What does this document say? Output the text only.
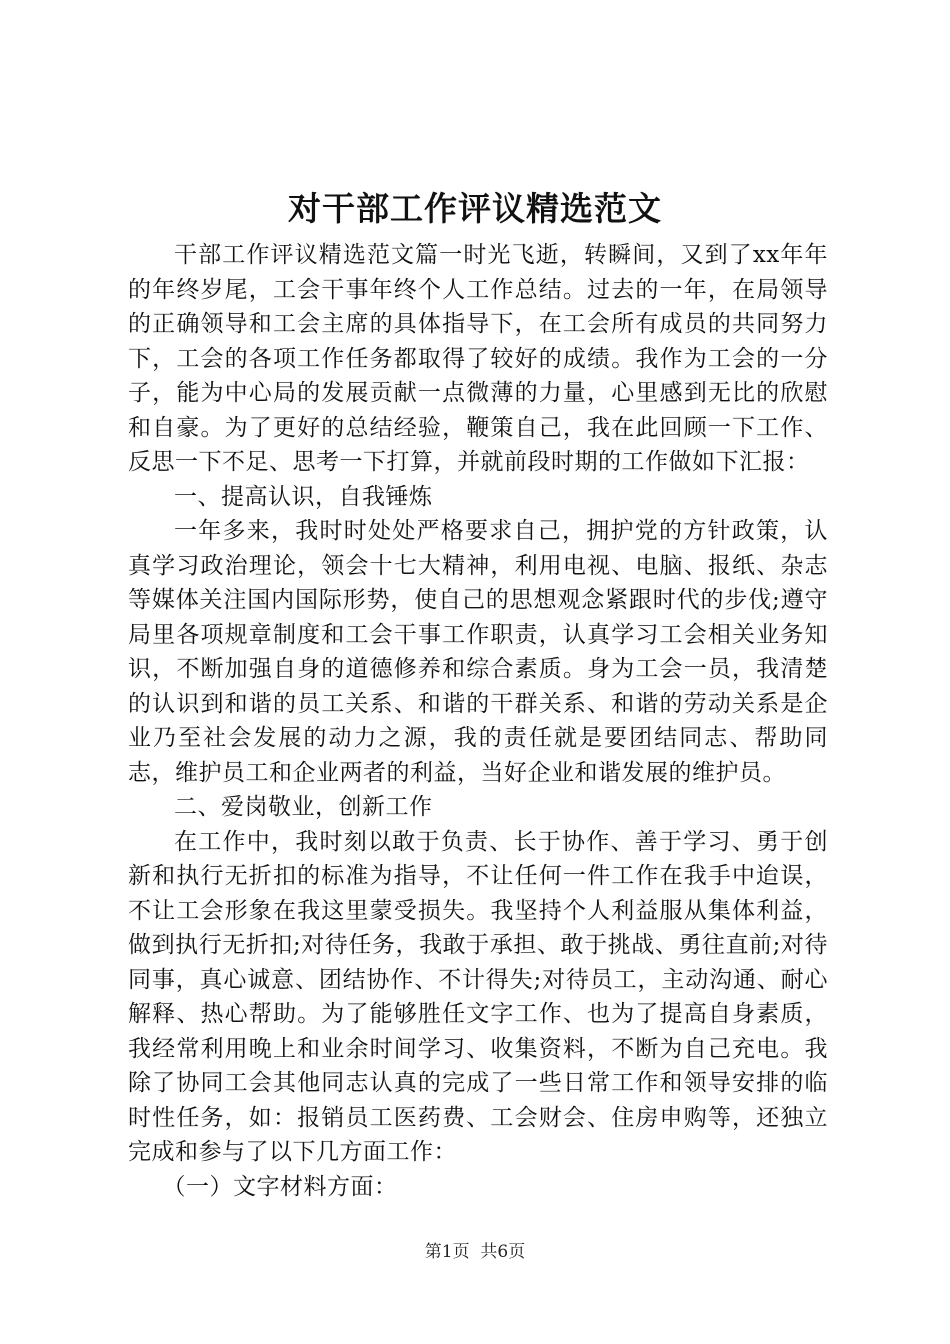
对干部工作评议精选范文

干部工作评议精选范文篇一时光飞逝，转瞬间，又到了xx年年的年终岁尾，工会干事年终个人工作总结。过去的一年，在局领导的正确领导和工会主席的具体指导下，在工会所有成员的共同努力下，工会的各项工作任务都取得了较好的成绩。我作为工会的一分子，能为中心局的发展贡献一点微薄的力量，心里感到无比的欣慰和自豪。为了更好的总结经验，鞭策自己，我在此回顾一下工作、反思一下不足、思考一下打算，并就前段时期的工作做如下汇报：

一、提高认识，自我锤炼

一年多来，我时时处处严格要求自己，拥护党的方针政策，认真学习政治理论，领会十七大精神，利用电视、电脑、报纸、杂志等媒体关注国内国际形势，使自己的思想观念紧跟时代的步伐;遵守局里各项规章制度和工会干事工作职责，认真学习工会相关业务知识，不断加强自身的道德修养和综合素质。身为工会一员，我清楚的认识到和谐的员工关系、和谐的干群关系、和谐的劳动关系是企业乃至社会发展的动力之源，我的责任就是要团结同志、帮助同志，维护员工和企业两者的利益，当好企业和谐发展的维护员。

二、爱岗敬业，创新工作

在工作中，我时刻以敢于负责、长于协作、善于学习、勇于创新和执行无折扣的标准为指导，不让任何一件工作在我手中迨误，不让工会形象在我这里蒙受损失。我坚持个人利益服从集体利益，做到执行无折扣;对待任务，我敢于承担、敢于挑战、勇往直前;对待同事，真心诚意、团结协作、不计得失;对待员工，主动沟通、耐心解释、热心帮助。为了能够胜任文字工作、也为了提高自身素质，我经常利用晚上和业余时间学习、收集资料，不断为自己充电。我除了协同工会其他同志认真的完成了一些日常工作和领导安排的临时性任务，如：报销员工医药费、工会财会、住房申购等，还独立完成和参与了以下几方面工作：

（一）文字材料方面：

第1页 共6页
